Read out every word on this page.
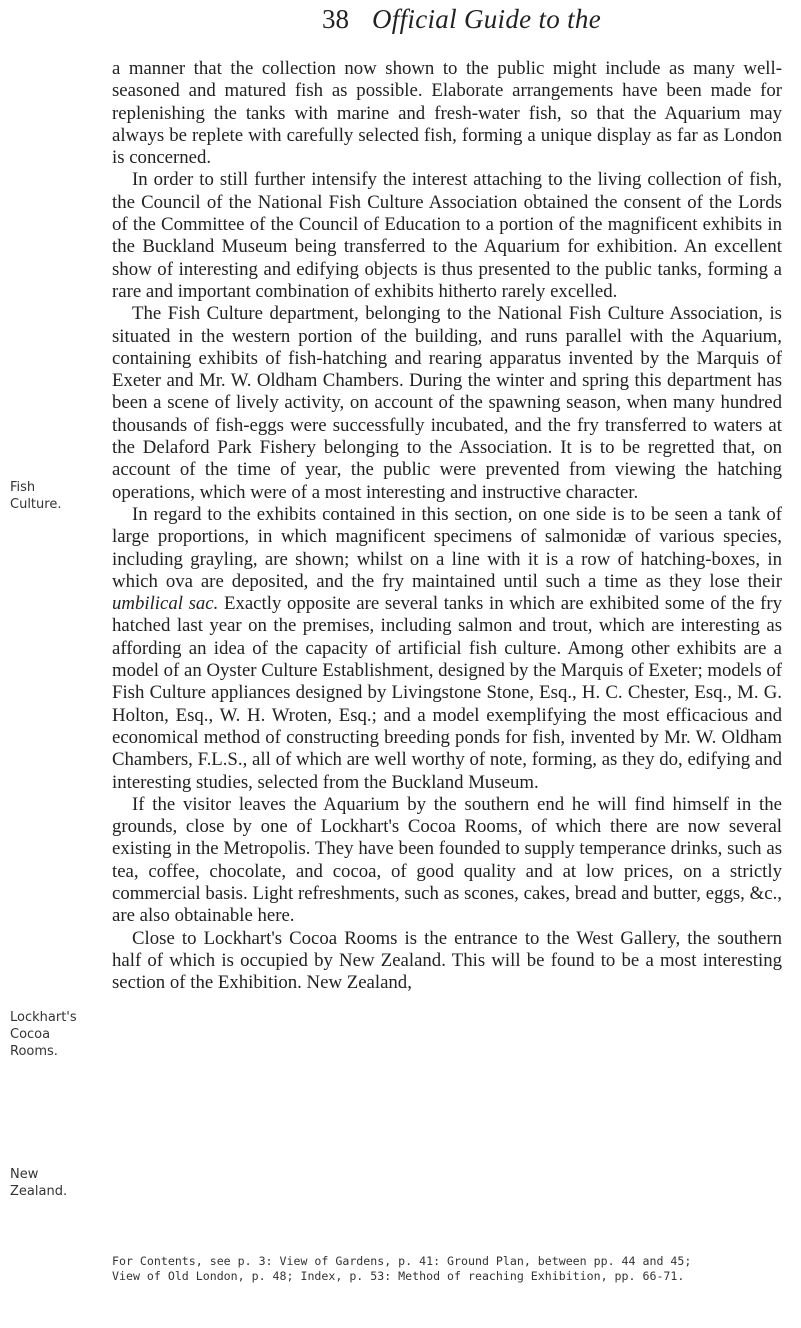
38 Official Guide to the
Fish
Culture.
Lockhart's
Cocoa
Rooms.
New
Zealand.

a manner that the collection now shown to the public might include as many well-seasoned and matured fish as possible. Elaborate arrangements have been made for replenishing the tanks with marine and fresh-water fish, so that the Aquarium may always be replete with carefully selected fish, forming a unique display as far as London is concerned.

In order to still further intensify the interest attaching to the living collection of fish, the Council of the National Fish Culture Association obtained the consent of the Lords of the Committee of the Council of Education to a portion of the magnificent exhibits in the Buckland Museum being transferred to the Aquarium for exhibition. An excellent show of interesting and edifying objects is thus presented to the public tanks, forming a rare and important combination of exhibits hitherto rarely excelled.

The Fish Culture department, belonging to the National Fish Culture Association, is situated in the western portion of the building, and runs parallel with the Aquarium, containing exhibits of fish-hatching and rearing apparatus invented by the Marquis of Exeter and Mr. W. Oldham Chambers. During the winter and spring this department has been a scene of lively activity, on account of the spawning season, when many hundred thousands of fish-eggs were successfully incubated, and the fry transferred to waters at the Delaford Park Fishery belonging to the Association. It is to be regretted that, on account of the time of year, the public were prevented from viewing the hatching operations, which were of a most interesting and instructive character.

In regard to the exhibits contained in this section, on one side is to be seen a tank of large proportions, in which magnificent specimens of salmonidæ of various species, including grayling, are shown; whilst on a line with it is a row of hatching-boxes, in which ova are deposited, and the fry maintained until such a time as they lose their umbilical sac. Exactly opposite are several tanks in which are exhibited some of the fry hatched last year on the premises, including salmon and trout, which are interesting as affording an idea of the capacity of artificial fish culture. Among other exhibits are a model of an Oyster Culture Establishment, designed by the Marquis of Exeter; models of Fish Culture appliances designed by Livingstone Stone, Esq., H. C. Chester, Esq., M. G. Holton, Esq., W. H. Wroten, Esq.; and a model exemplifying the most efficacious and economical method of constructing breeding ponds for fish, invented by Mr. W. Oldham Chambers, F.L.S., all of which are well worthy of note, forming, as they do, edifying and interesting studies, selected from the Buckland Museum.

If the visitor leaves the Aquarium by the southern end he will find himself in the grounds, close by one of Lockhart's Cocoa Rooms, of which there are now several existing in the Metropolis. They have been founded to supply temperance drinks, such as tea, coffee, chocolate, and cocoa, of good quality and at low prices, on a strictly commercial basis. Light refreshments, such as scones, cakes, bread and butter, eggs, &c., are also obtainable here.

Close to Lockhart's Cocoa Rooms is the entrance to the West Gallery, the southern half of which is occupied by New Zealand. This will be found to be a most interesting section of the Exhibition. New Zealand,

For Contents, see p. 3: View of Gardens, p. 41: Ground Plan, between pp. 44 and 45;
View of Old London, p. 48; Index, p. 53: Method of reaching Exhibition, pp. 66-71.
